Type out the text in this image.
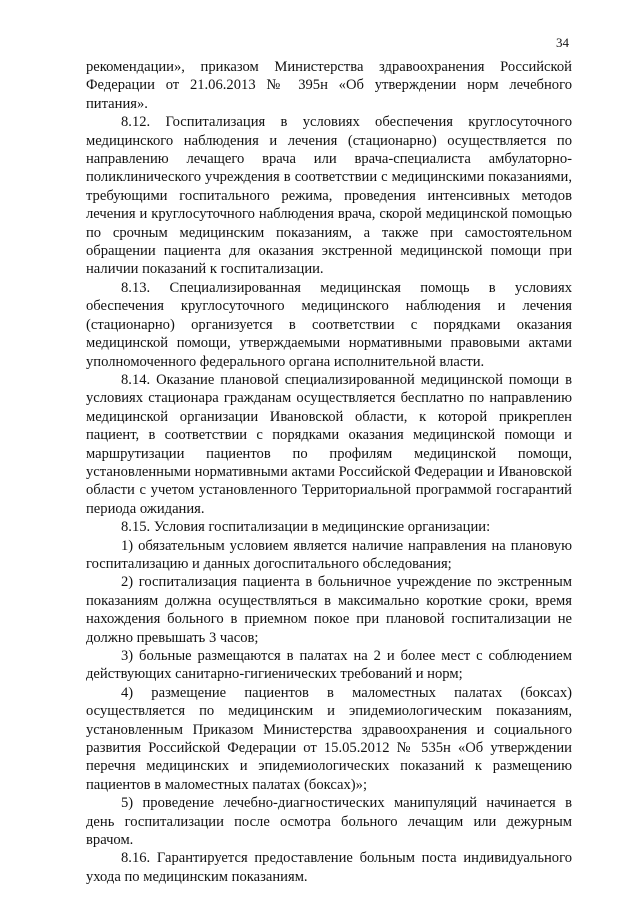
34

рекомендации», приказом Министерства здравоохранения Российской Федерации от 21.06.2013 № 395н «Об утверждении норм лечебного питания».

8.12. Госпитализация в условиях обеспечения круглосуточного медицинского наблюдения и лечения (стационарно) осуществляется по направлению лечащего врача или врача-специалиста амбулаторно-поликлинического учреждения в соответствии с медицинскими показаниями, требующими госпитального режима, проведения интенсивных методов лечения и круглосуточного наблюдения врача, скорой медицинской помощью по срочным медицинским показаниям, а также при самостоятельном обращении пациента для оказания экстренной медицинской помощи при наличии показаний к госпитализации.

8.13. Специализированная медицинская помощь в условиях обеспечения круглосуточного медицинского наблюдения и лечения (стационарно) организуется в соответствии с порядками оказания медицинской помощи, утверждаемыми нормативными правовыми актами уполномоченного федерального органа исполнительной власти.

8.14. Оказание плановой специализированной медицинской помощи в условиях стационара гражданам осуществляется бесплатно по направлению медицинской организации Ивановской области, к которой прикреплен пациент, в соответствии с порядками оказания медицинской помощи и маршрутизации пациентов по профилям медицинской помощи, установленными нормативными актами Российской Федерации и Ивановской области с учетом установленного Территориальной программой госгарантий периода ожидания.

8.15. Условия госпитализации в медицинские организации:

1) обязательным условием является наличие направления на плановую госпитализацию и данных догоспитального обследования;

2) госпитализация пациента в больничное учреждение по экстренным показаниям должна осуществляться в максимально короткие сроки, время нахождения больного в приемном покое при плановой госпитализации не должно превышать 3 часов;

3) больные размещаются в палатах на 2 и более мест с соблюдением действующих санитарно-гигиенических требований и норм;

4) размещение пациентов в маломестных палатах (боксах) осуществляется по медицинским и эпидемиологическим показаниям, установленным Приказом Министерства здравоохранения и социального развития Российской Федерации от 15.05.2012 № 535н «Об утверждении перечня медицинских и эпидемиологических показаний к размещению пациентов в маломестных палатах (боксах)»;

5) проведение лечебно-диагностических манипуляций начинается в день госпитализации после осмотра больного лечащим или дежурным врачом.

8.16. Гарантируется предоставление больным поста индивидуального ухода по медицинским показаниям.
